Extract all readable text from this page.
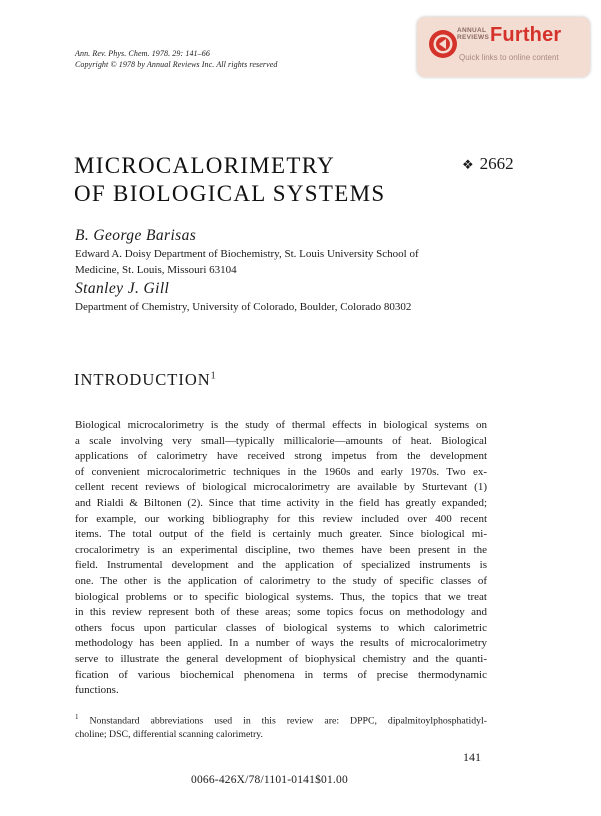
Ann. Rev. Phys. Chem. 1978. 29: 141–66
Copyright © 1978 by Annual Reviews Inc. All rights reserved
ANNUAL
REVIEWS Further
Quick links to online content
MICROCALORIMETRY
OF BIOLOGICAL SYSTEMS
❖ 2662
B. George Barisas
Edward A. Doisy Department of Biochemistry, St. Louis University School of
Medicine, St. Louis, Missouri 63104
Stanley J. Gill
Department of Chemistry, University of Colorado, Boulder, Colorado 80302
INTRODUCTION$^1$
Biological microcalorimetry is the study of thermal effects in biological systems on
a scale involving very small—typically millicalorie—amounts of heat. Biological
applications of calorimetry have received strong impetus from the development
of convenient microcalorimetric techniques in the 1960s and early 1970s. Two ex-
cellent recent reviews of biological microcalorimetry are available by Sturtevant (1)
and Rialdi & Biltonen (2). Since that time activity in the field has greatly expanded;
for example, our working bibliography for this review included over 400 recent
items. The total output of the field is certainly much greater. Since biological mi-
crocalorimetry is an experimental discipline, two themes have been present in the
field. Instrumental development and the application of specialized instruments is
one. The other is the application of calorimetry to the study of specific classes of
biological problems or to specific biological systems. Thus, the topics that we treat
in this review represent both of these areas; some topics focus on methodology and
others focus upon particular classes of biological systems to which calorimetric
methodology has been applied. In a number of ways the results of microcalorimetry
serve to illustrate the general development of biophysical chemistry and the quanti-
fication of various biochemical phenomena in terms of precise thermodynamic
functions.
$^1$ Nonstandard abbreviations used in this review are: DPPC, dipalmitoylphosphatidyl-
choline; DSC, differential scanning calorimetry.
141
0066-426X/78/1101-0141$01.00
